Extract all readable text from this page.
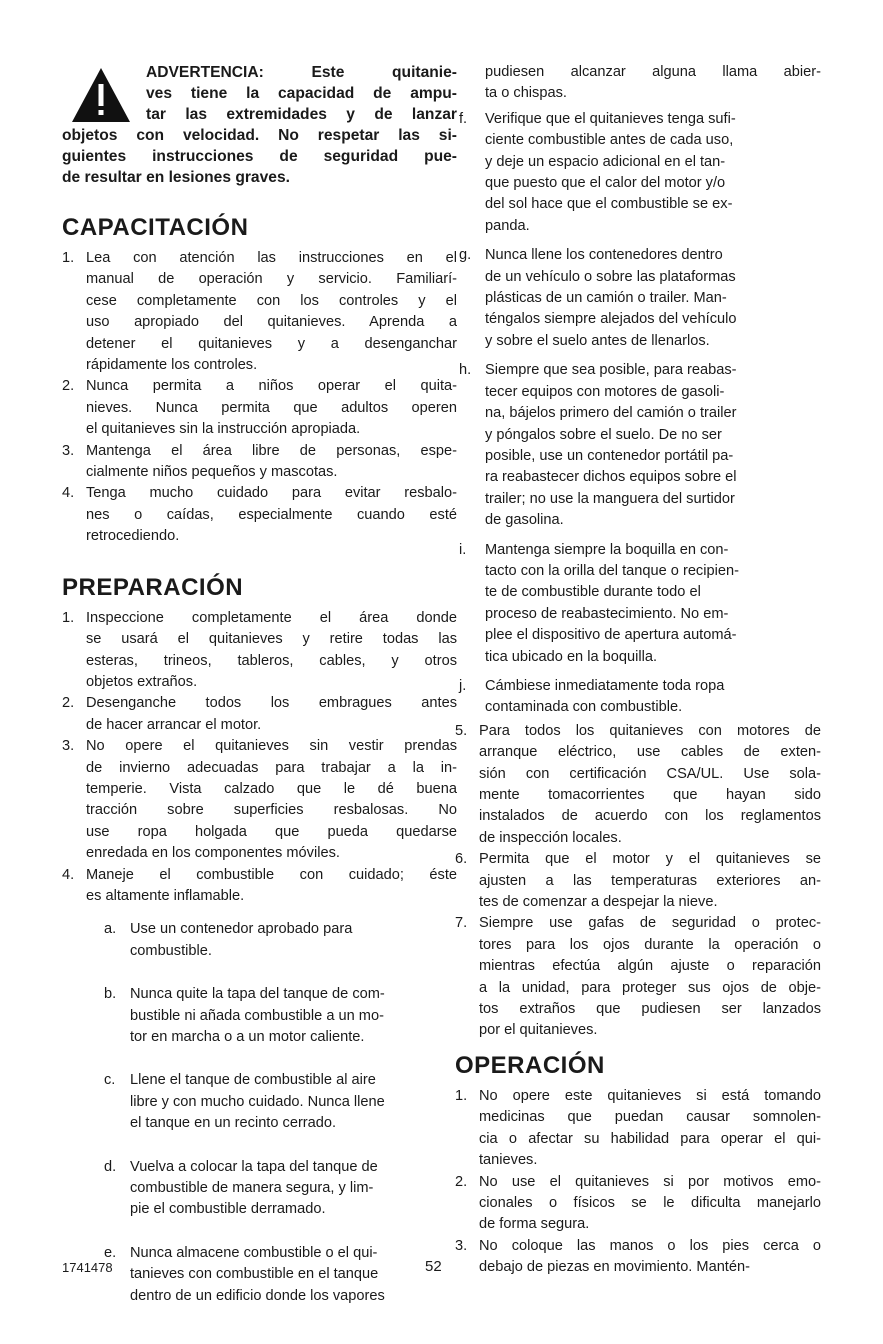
ADVERTENCIA: Este quitanie-
ves tiene la capacidad de ampu-
tar las extremidades y de lanzar
objetos con velocidad. No respetar las si-
guientes instrucciones de seguridad pue-
de resultar en lesiones graves.
CAPACITACIÓN
1. Lea con atención las instrucciones en el
manual de operación y servicio. Familiarí-
cese completamente con los controles y el
uso apropiado del quitanieves. Aprenda a
detener el quitanieves y a desenganchar
rápidamente los controles.
2. Nunca permita a niños operar el quita-
nieves. Nunca permita que adultos operen
el quitanieves sin la instrucción apropiada.
3. Mantenga el área libre de personas, espe-
cialmente niños pequeños y mascotas.
4. Tenga mucho cuidado para evitar resbalo-
nes o caídas, especialmente cuando esté
retrocediendo.
PREPARACIÓN
1. Inspeccione completamente el área donde
se usará el quitanieves y retire todas las
esteras, trineos, tableros, cables, y otros
objetos extraños.
2. Desenganche todos los embragues antes
de hacer arrancar el motor.
3. No opere el quitanieves sin vestir prendas
de invierno adecuadas para trabajar a la in-
temperie. Vista calzado que le dé buena
tracción sobre superficies resbalosas. No
use ropa holgada que pueda quedarse
enredada en los componentes móviles.
4. Maneje el combustible con cuidado; éste
es altamente inflamable.
a. Use un contenedor aprobado para
combustible.
b. Nunca quite la tapa del tanque de com-
bustible ni añada combustible a un mo-
tor en marcha o a un motor caliente.
c. Llene el tanque de combustible al aire
libre y con mucho cuidado. Nunca llene
el tanque en un recinto cerrado.
d. Vuelva a colocar la tapa del tanque de
combustible de manera segura, y lim-
pie el combustible derramado.
e. Nunca almacene combustible o el qui-
tanieves con combustible en el tanque
dentro de un edificio donde los vapores
pudiesen alcanzar alguna llama abier-
ta o chispas.
f. Verifique que el quitanieves tenga sufi-
ciente combustible antes de cada uso,
y deje un espacio adicional en el tan-
que puesto que el calor del motor y/o
del sol hace que el combustible se ex-
panda.
g. Nunca llene los contenedores dentro
de un vehículo o sobre las plataformas
plásticas de un camión o trailer. Man-
téngalos siempre alejados del vehículo
y sobre el suelo antes de llenarlos.
h. Siempre que sea posible, para reabas-
tecer equipos con motores de gasoli-
na, bájelos primero del camión o trailer
y póngalos sobre el suelo. De no ser
posible, use un contenedor portátil pa-
ra reabastecer dichos equipos sobre el
trailer; no use la manguera del surtidor
de gasolina.
i. Mantenga siempre la boquilla en con-
tacto con la orilla del tanque o recipien-
te de combustible durante todo el
proceso de reabastecimiento. No em-
plee el dispositivo de apertura automá-
tica ubicado en la boquilla.
j. Cámbiese inmediatamente toda ropa
contaminada con combustible.
5. Para todos los quitanieves con motores de
arranque eléctrico, use cables de exten-
sión con certificación CSA/UL. Use sola-
mente tomacorrientes que hayan sido
instalados de acuerdo con los reglamentos
de inspección locales.
6. Permita que el motor y el quitanieves se
ajusten a las temperaturas exteriores an-
tes de comenzar a despejar la nieve.
7. Siempre use gafas de seguridad o protec-
tores para los ojos durante la operación o
mientras efectúa algún ajuste o reparación
a la unidad, para proteger sus ojos de obje-
tos extraños que pudiesen ser lanzados
por el quitanieves.
OPERACIÓN
1. No opere este quitanieves si está tomando
medicinas que puedan causar somnolen-
cia o afectar su habilidad para operar el qui-
tanieves.
2. No use el quitanieves si por motivos emo-
cionales o físicos se le dificulta manejarlo
de forma segura.
3. No coloque las manos o los pies cerca o
debajo de piezas en movimiento. Mantén-
1741478	52
